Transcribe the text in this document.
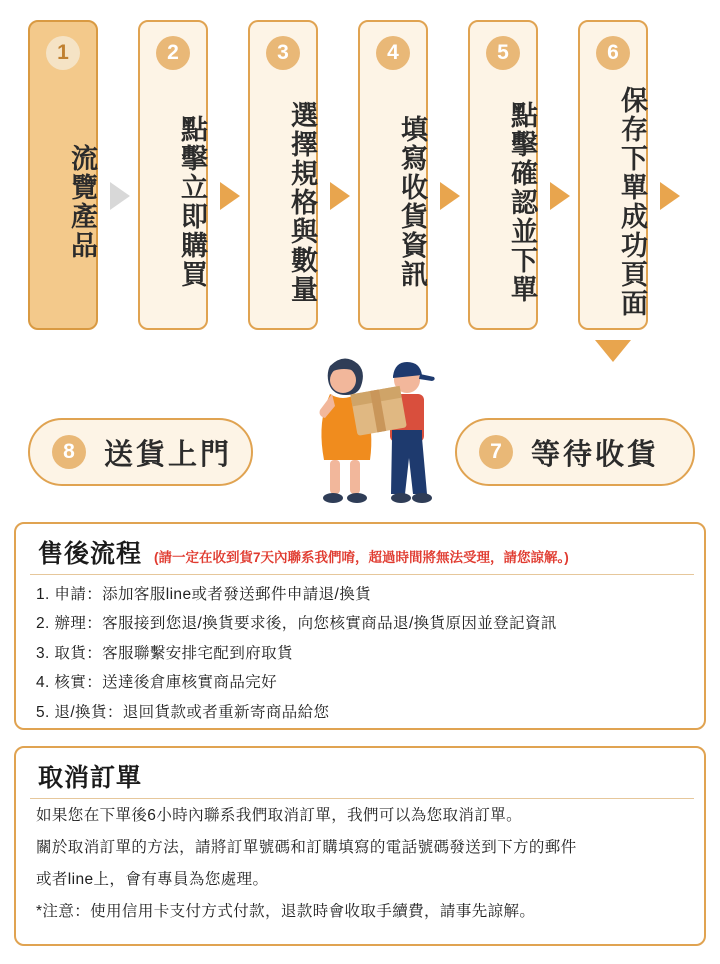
1
流覽產品
2
點擊立即購買
3
選擇規格與數量
4
填寫收貨資訊
5
點擊確認並下單
6
保存下單成功頁面
8	送貨上門	7	等待收貨
售後流程 (請一定在收到貨7天內聯系我們唷，超過時間將無法受理，請您諒解。)
1. 申請：添加客服line或者發送郵件申請退/換貨
2. 辦理：客服接到您退/換貨要求後，向您核實商品退/換貨原因並登記資訊
3. 取貨：客服聯繫安排宅配到府取貨
4. 核實：送達後倉庫核實商品完好
5. 退/換貨：退回貨款或者重新寄商品給您
取消訂單

如果您在下單後6小時內聯系我們取消訂單，我們可以為您取消訂單。

關於取消訂單的方法，請將訂單號碼和訂購填寫的電話號碼發送到下方的郵件

或者line上，會有專員為您處理。

*注意：使用信用卡支付方式付款，退款時會收取手續費，請事先諒解。
